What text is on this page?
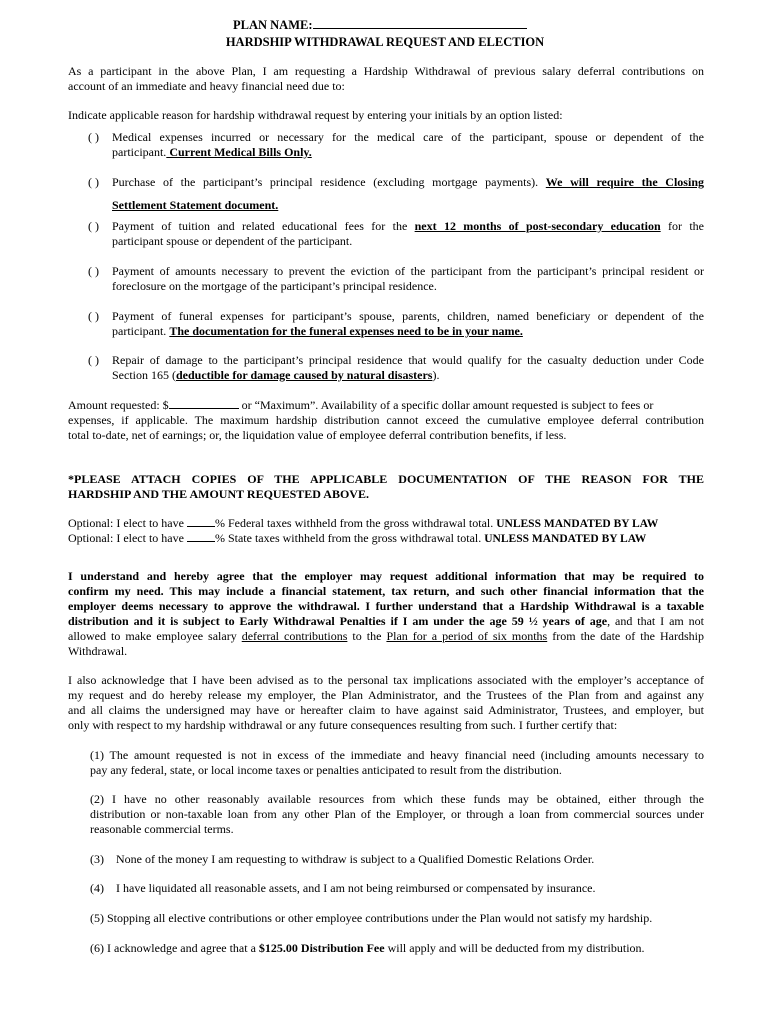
PLAN NAME:
HARDSHIP WITHDRAWAL REQUEST AND ELECTION
As a participant in the above Plan, I am requesting a Hardship Withdrawal of previous salary deferral contributions on
account of an immediate and heavy financial need due to:
Indicate applicable reason for hardship withdrawal request by entering your initials by an option listed:
( ) Medical expenses incurred or necessary for the medical care of the participant, spouse or dependent of the
participant. Current Medical Bills Only.
( ) Purchase of the participant’s principal residence (excluding mortgage payments). We will require the Closing
Settlement Statement document.
( ) Payment of tuition and related educational fees for the next 12 months of post-secondary education for the
participant spouse or dependent of the participant.
( ) Payment of amounts necessary to prevent the eviction of the participant from the participant’s principal resident or
foreclosure on the mortgage of the participant’s principal residence.
( ) Payment of funeral expenses for participant’s spouse, parents, children, named beneficiary or dependent of the
participant. The documentation for the funeral expenses need to be in your name.
( ) Repair of damage to the participant’s principal residence that would qualify for the casualty deduction under Code
Section 165 (deductible for damage caused by natural disasters).
Amount requested: $	or “Maximum”. Availability of a specific dollar amount requested is subject to fees or
expenses, if applicable. The maximum hardship distribution cannot exceed the cumulative employee deferral contribution
total to-date, net of earnings; or, the liquidation value of employee deferral contribution benefits, if less.
*PLEASE ATTACH COPIES OF THE APPLICABLE DOCUMENTATION OF THE REASON FOR THE
HARDSHIP AND THE AMOUNT REQUESTED ABOVE.
Optional: I elect to have % Federal taxes withheld from the gross withdrawal total. UNLESS MANDATED BY LAW
Optional: I elect to have % State taxes withheld from the gross withdrawal total. UNLESS MANDATED BY LAW
I understand and hereby agree that the employer may request additional information that may be required to
confirm my need. This may include a financial statement, tax return, and such other financial information that the
employer deems necessary to approve the withdrawal. I further understand that a Hardship Withdrawal is a taxable
distribution and it is subject to Early Withdrawal Penalties if I am under the age 59 ½ years of age, and that I am not
allowed to make employee salary deferral contributions to the Plan for a period of six months from the date of the Hardship
Withdrawal.
I also acknowledge that I have been advised as to the personal tax implications associated with the employer’s acceptance of
my request and do hereby release my employer, the Plan Administrator, and the Trustees of the Plan from and against any
and all claims the undersigned may have or hereafter claim to have against said Administrator, Trustees, and employer, but
only with respect to my hardship withdrawal or any future consequences resulting from such. I further certify that:
(1) The amount requested is not in excess of the immediate and heavy financial need (including amounts necessary to
pay any federal, state, or local income taxes or penalties anticipated to result from the distribution.
(2) I have no other reasonably available resources from which these funds may be obtained, either through the
distribution or non-taxable loan from any other Plan of the Employer, or through a loan from commercial sources under
reasonable commercial terms.
(3)    None of the money I am requesting to withdraw is subject to a Qualified Domestic Relations Order.
(4)    I have liquidated all reasonable assets, and I am not being reimbursed or compensated by insurance.
(5) Stopping all elective contributions or other employee contributions under the Plan would not satisfy my hardship.
(6) I acknowledge and agree that a $125.00 Distribution Fee will apply and will be deducted from my distribution.
